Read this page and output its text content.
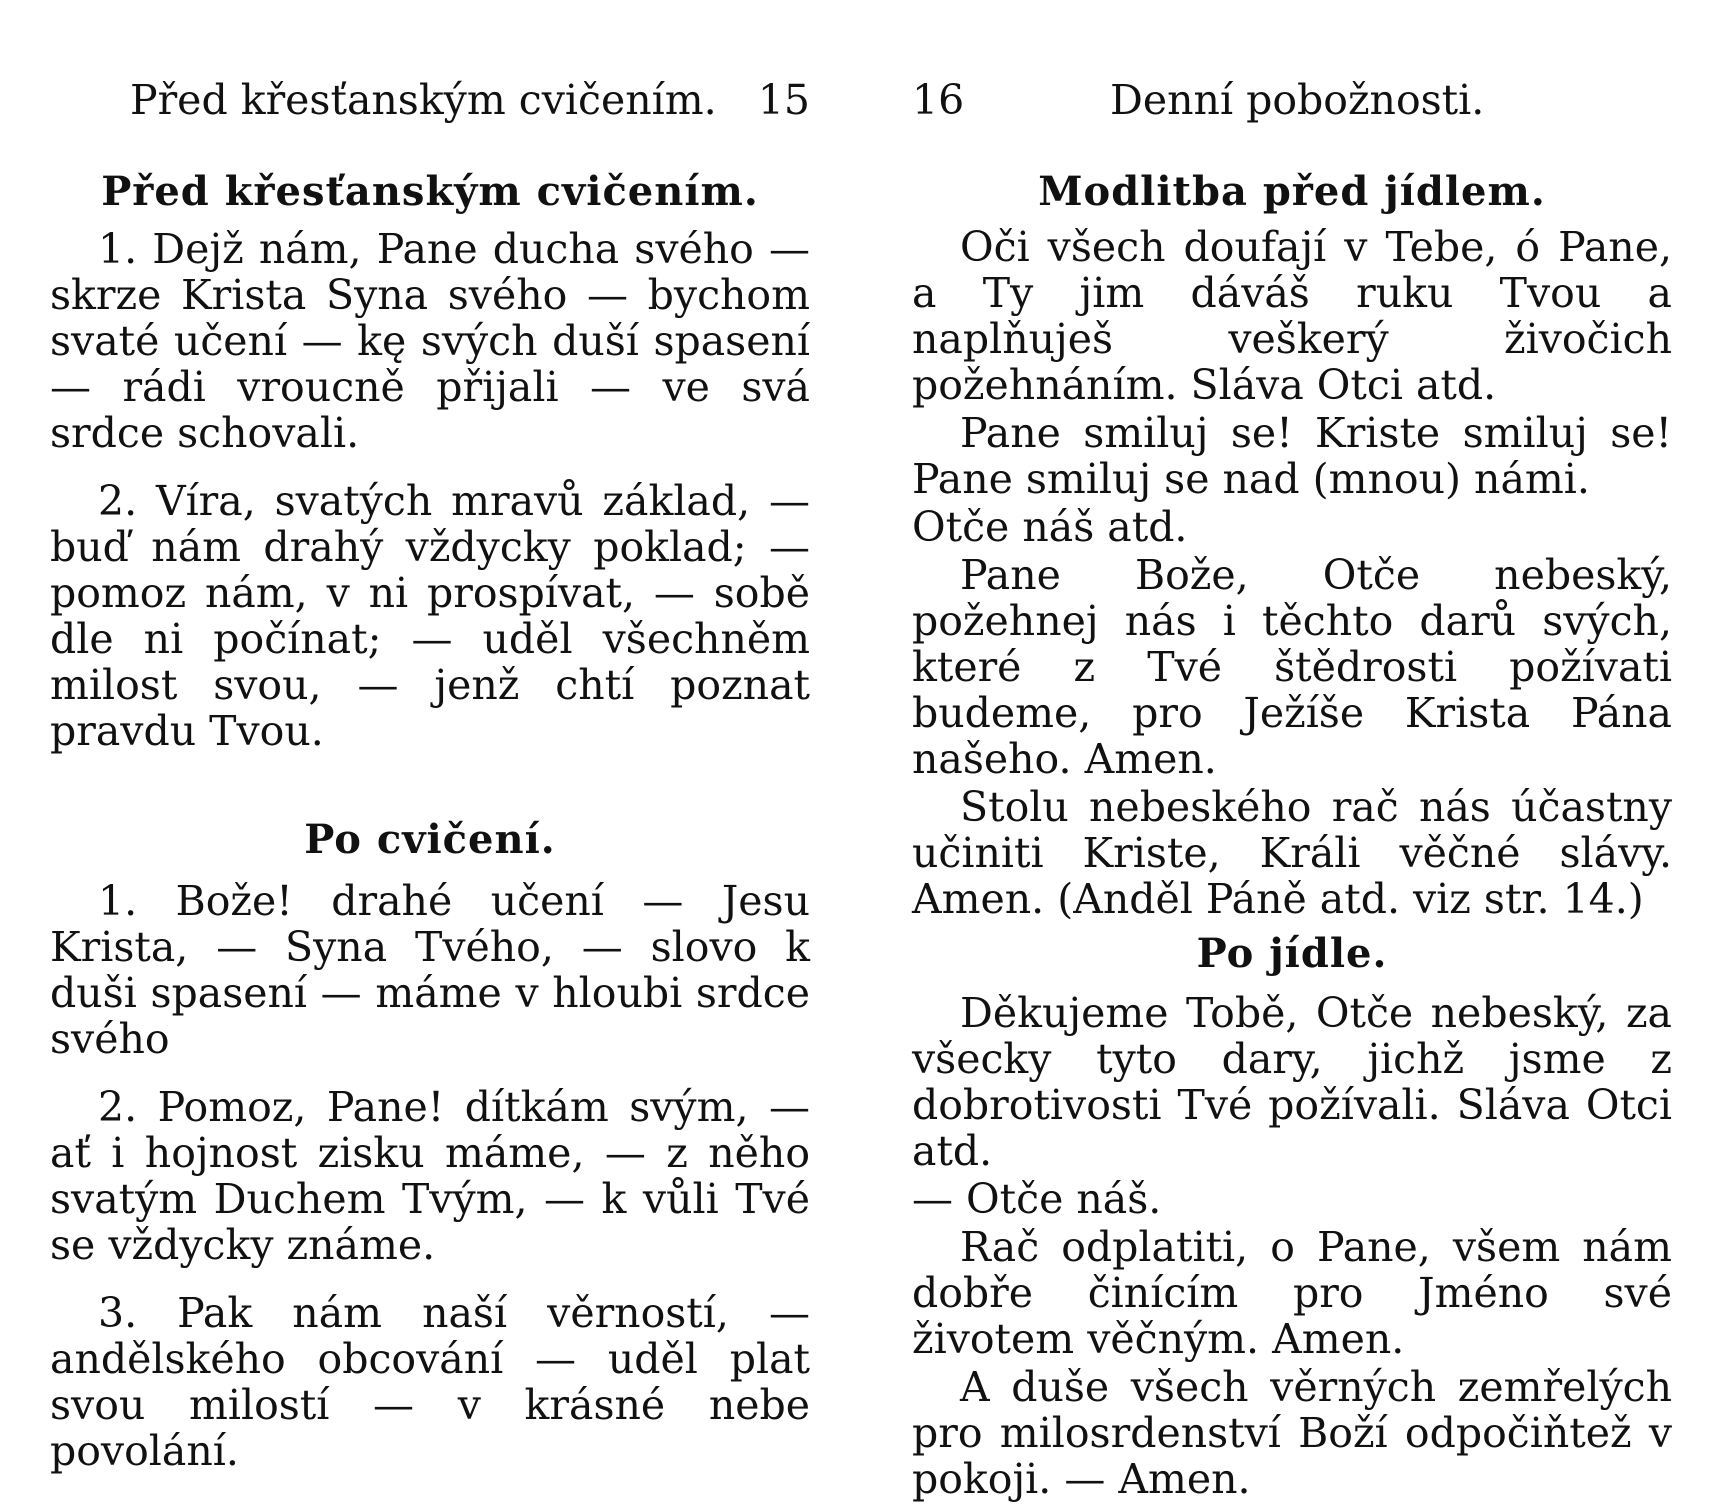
Před křesťanským cvičením. 15
Před křesťanským cvičením.

1. Dejž nám, Pane ducha svého — skrze Krista Syna svého — bychom svaté učení — kę svých duší spasení — rádi vroucně přijali — ve svá srdce schovali.

2. Víra, svatých mravů základ, — buď nám drahý vždycky poklad; — pomoz nám, v ni prospívat, — sobě dle ni počínat; — uděl všechněm milost svou, — jenž chtí poznat pravdu Tvou.

Po cvičení.

1. Bože! drahé učení — Jesu Krista, — Syna Tvého, — slovo k duši spasení — máme v hloubi srdce svého

2. Pomoz, Pane! dítkám svým, — ať i hojnost zisku máme, — z něho svatým Duchem Tvým, — k vůli Tvé se vždycky známe.

3. Pak nám naší věrností, — andělského obcování — uděl plat svou milostí — v krásné nebe povolání.

16	Denní pobožnosti.
Modlitba před jídlem.

Oči všech doufají v Tebe, ó Pane, a Ty jim dáváš ruku Tvou a naplňuješ veškerý živočich požehnáním. Sláva Otci atd.

Pane smiluj se! Kriste smiluj se! Pane smiluj se nad (mnou) námi.

Otče náš atd.

Pane Bože, Otče nebeský, požehnej nás i těchto darů svých, které z Tvé štědrosti požívati budeme, pro Ježíše Krista Pána našeho. Amen.

Stolu nebeského rač nás účastny učiniti Kriste, Králi věčné slávy. Amen. (Anděl Páně atd. viz str. 14.)

Po jídle.

Děkujeme Tobě, Otče nebeský, za všecky tyto dary, jichž jsme z dobrotivosti Tvé požívali. Sláva Otci atd.

— Otče náš.

Rač odplatiti, o Pane, všem nám dobře činícím pro Jméno své životem věčným. Amen.

A duše všech věrných zemřelých pro milosrdenství Boží odpočiňtež v pokoji. — Amen.
